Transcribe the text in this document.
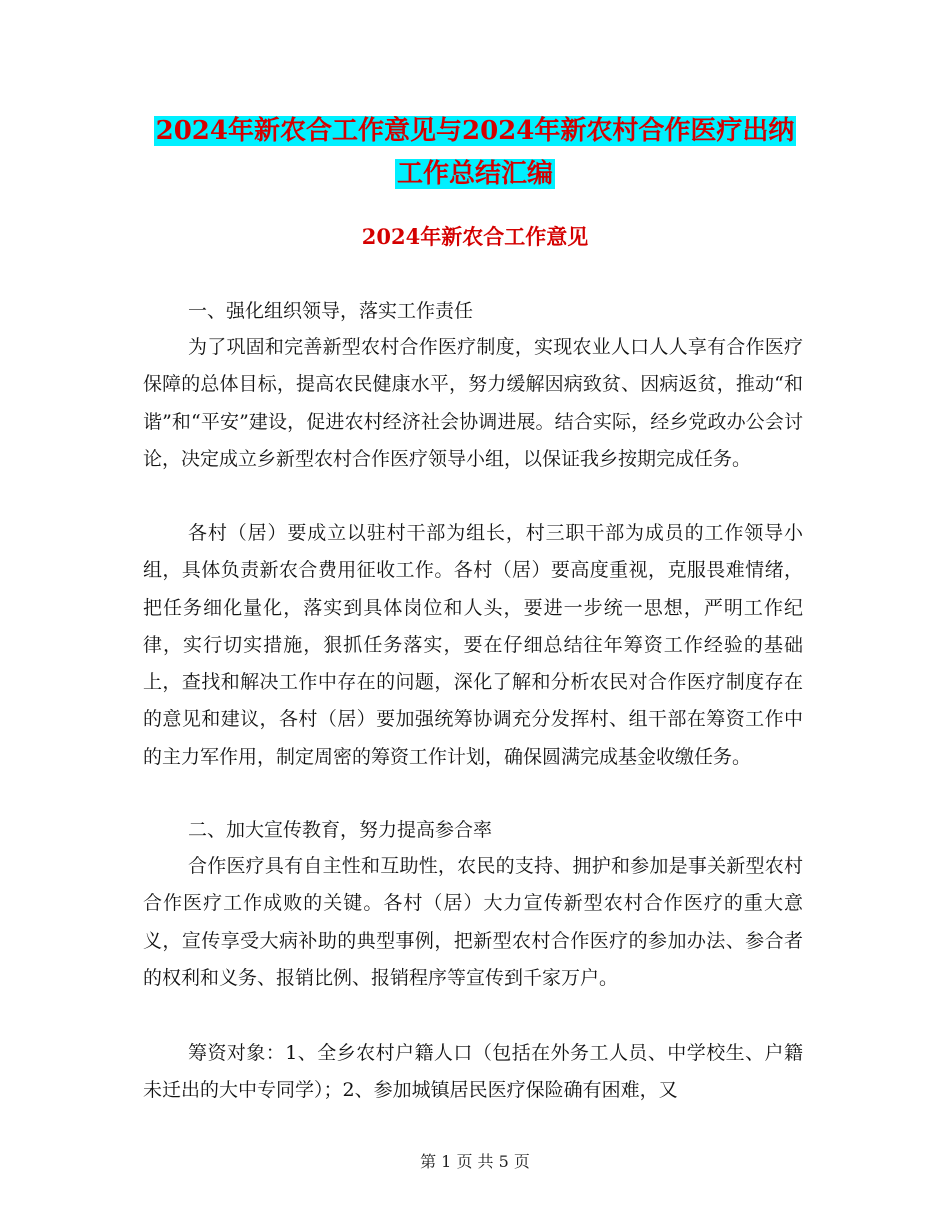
2024年新农合工作意见与2024年新农村合作医疗出纳
工作总结汇编
2024年新农合工作意见
一、强化组织领导，落实工作责任
为了巩固和完善新型农村合作医疗制度，实现农业人口人人享有合作医疗保障的总体目标，提高农民健康水平，努力缓解因病致贫、因病返贫，推动“和谐”和“平安”建设，促进农村经济社会协调进展。结合实际，经乡党政办公会讨论，决定成立乡新型农村合作医疗领导小组，以保证我乡按期完成任务。
各村（居）要成立以驻村干部为组长，村三职干部为成员的工作领导小组，具体负责新农合费用征收工作。各村（居）要高度重视，克服畏难情绪，把任务细化量化，落实到具体岗位和人头，要进一步统一思想，严明工作纪律，实行切实措施，狠抓任务落实，要在仔细总结往年筹资工作经验的基础上，查找和解决工作中存在的问题，深化了解和分析农民对合作医疗制度存在的意见和建议，各村（居）要加强统筹协调充分发挥村、组干部在筹资工作中的主力军作用，制定周密的筹资工作计划，确保圆满完成基金收缴任务。
二、加大宣传教育，努力提高参合率
合作医疗具有自主性和互助性，农民的支持、拥护和参加是事关新型农村合作医疗工作成败的关键。各村（居）大力宣传新型农村合作医疗的重大意义，宣传享受大病补助的典型事例，把新型农村合作医疗的参加办法、参合者的权利和义务、报销比例、报销程序等宣传到千家万户。
筹资对象：1、全乡农村户籍人口（包括在外务工人员、中学校生、户籍未迁出的大中专同学）；2、参加城镇居民医疗保险确有困难，又
第 1 页 共 5 页
